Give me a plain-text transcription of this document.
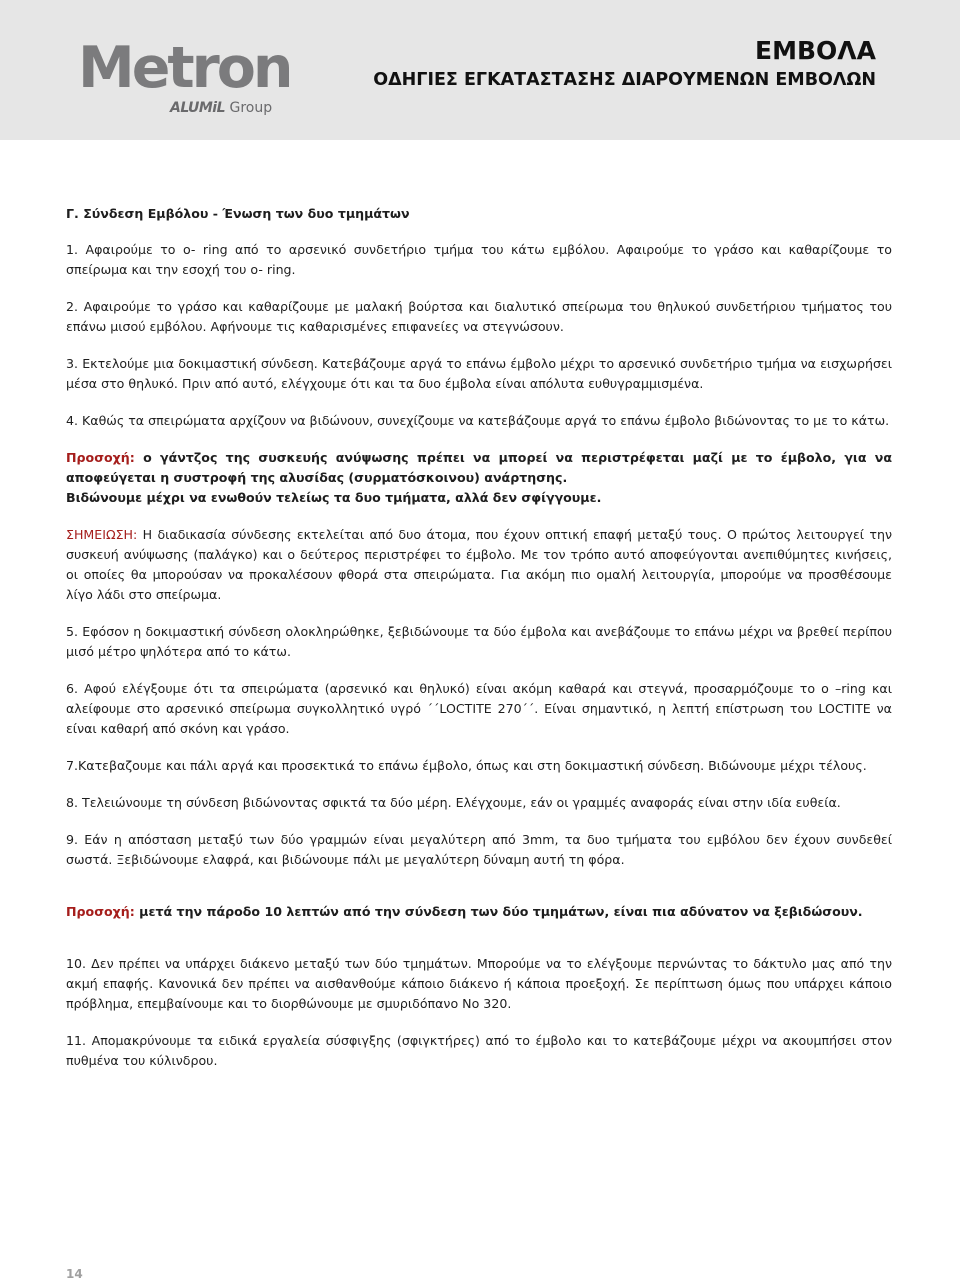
Metron
ALUMiL Group
ΕΜΒΟΛΑ
ΟΔΗΓΙΕΣ ΕΓΚΑΤΑΣΤΑΣΗΣ ΔΙΑΡΟΥΜΕΝΩΝ ΕΜΒΟΛΩΝ

Γ. Σύνδεση Εμβόλου - Ένωση των δυο τμημάτων

1. Αφαιρούμε το o- ring από το αρσενικό συνδετήριο τμήμα του κάτω εμβόλου. Αφαιρούμε το γράσο και καθαρίζουμε το σπείρωμα και την εσοχή του o- ring.

2. Αφαιρούμε το γράσο και καθαρίζουμε με μαλακή βούρτσα και διαλυτικό σπείρωμα του θηλυκού συνδετήριου τμήματος του επάνω μισού εμβόλου. Αφήνουμε τις καθαρισμένες επιφανείες να στεγνώσουν.

3. Εκτελούμε μια δοκιμαστική σύνδεση. Κατεβάζουμε αργά το επάνω έμβολο μέχρι το αρσενικό συνδετήριο τμήμα να εισχωρήσει μέσα στο θηλυκό. Πριν από αυτό, ελέγχουμε ότι και τα δυο έμβολα είναι απόλυτα ευθυγραμμισμένα.

4. Καθώς τα σπειρώματα αρχίζουν να βιδώνουν, συνεχίζουμε να κατεβάζουμε αργά το επάνω έμβολο βιδώνοντας το με το κάτω.

Προσοχή: ο γάντζος της συσκευής ανύψωσης πρέπει να μπορεί να περιστρέφεται μαζί με το έμβολο, για να αποφεύγεται η συστροφή της αλυσίδας (συρματόσκοινου) ανάρτησης.
Βιδώνουμε μέχρι να ενωθούν τελείως τα δυο τμήματα, αλλά δεν σφίγγουμε.

ΣΗΜΕΙΩΣΗ: Η διαδικασία σύνδεσης εκτελείται από δυο άτομα, που έχουν οπτική επαφή μεταξύ τους. Ο πρώτος λειτουργεί την συσκευή ανύψωσης (παλάγκο) και ο δεύτερος περιστρέφει το έμβολο. Με τον τρόπο αυτό αποφεύγονται ανεπιθύμητες κινήσεις, οι οποίες θα μπορούσαν να προκαλέσουν φθορά στα σπειρώματα. Για ακόμη πιο ομαλή λειτουργία, μπορούμε να προσθέσουμε λίγο λάδι στο σπείρωμα.

5. Εφόσον η δοκιμαστική σύνδεση ολοκληρώθηκε, ξεβιδώνουμε τα δύο έμβολα και ανεβάζουμε το επάνω μέχρι να βρεθεί περίπου μισό μέτρο ψηλότερα από το κάτω.

6. Αφού ελέγξουμε ότι τα σπειρώματα (αρσενικό και θηλυκό) είναι ακόμη καθαρά και στεγνά, προσαρμόζουμε το o –ring και αλείφουμε στο αρσενικό σπείρωμα συγκολλητικό υγρό ´´LOCTITE 270´´. Είναι σημαντικό, η λεπτή επίστρωση του LOCTITE να είναι καθαρή από σκόνη και γράσο.

7.Κατεβαζουμε και πάλι αργά και προσεκτικά το επάνω έμβολο, όπως και στη δοκιμαστική σύνδεση. Βιδώνουμε μέχρι τέλους.

8. Τελειώνουμε τη σύνδεση βιδώνοντας σφικτά τα δύο μέρη. Ελέγχουμε, εάν οι γραμμές αναφοράς είναι στην ιδία ευθεία.

9. Εάν η απόσταση μεταξύ των δύο γραμμών είναι μεγαλύτερη από 3mm, τα δυο τμήματα του εμβόλου δεν έχουν συνδεθεί σωστά. Ξεβιδώνουμε ελαφρά, και βιδώνουμε πάλι με μεγαλύτερη δύναμη αυτή τη φόρα.

Προσοχή: μετά την πάροδο 10 λεπτών από την σύνδεση των δύο τμημάτων, είναι πια αδύνατον να ξεβιδώσουν.

10. Δεν πρέπει να υπάρχει διάκενο μεταξύ των δύο τμημάτων. Μπορούμε να το ελέγξουμε περνώντας το δάκτυλο μας από την ακμή επαφής. Κανονικά δεν πρέπει να αισθανθούμε κάποιο διάκενο ή κάποια προεξοχή. Σε περίπτωση όμως που υπάρχει κάποιο πρόβλημα, επεμβαίνουμε και το διορθώνουμε με σμυριδόπανο No 320.

11. Απομακρύνουμε τα ειδικά εργαλεία σύσφιγξης (σφιγκτήρες) από το έμβολο και το κατεβάζουμε μέχρι να ακουμπήσει στον πυθμένα του κύλινδρου.

14
